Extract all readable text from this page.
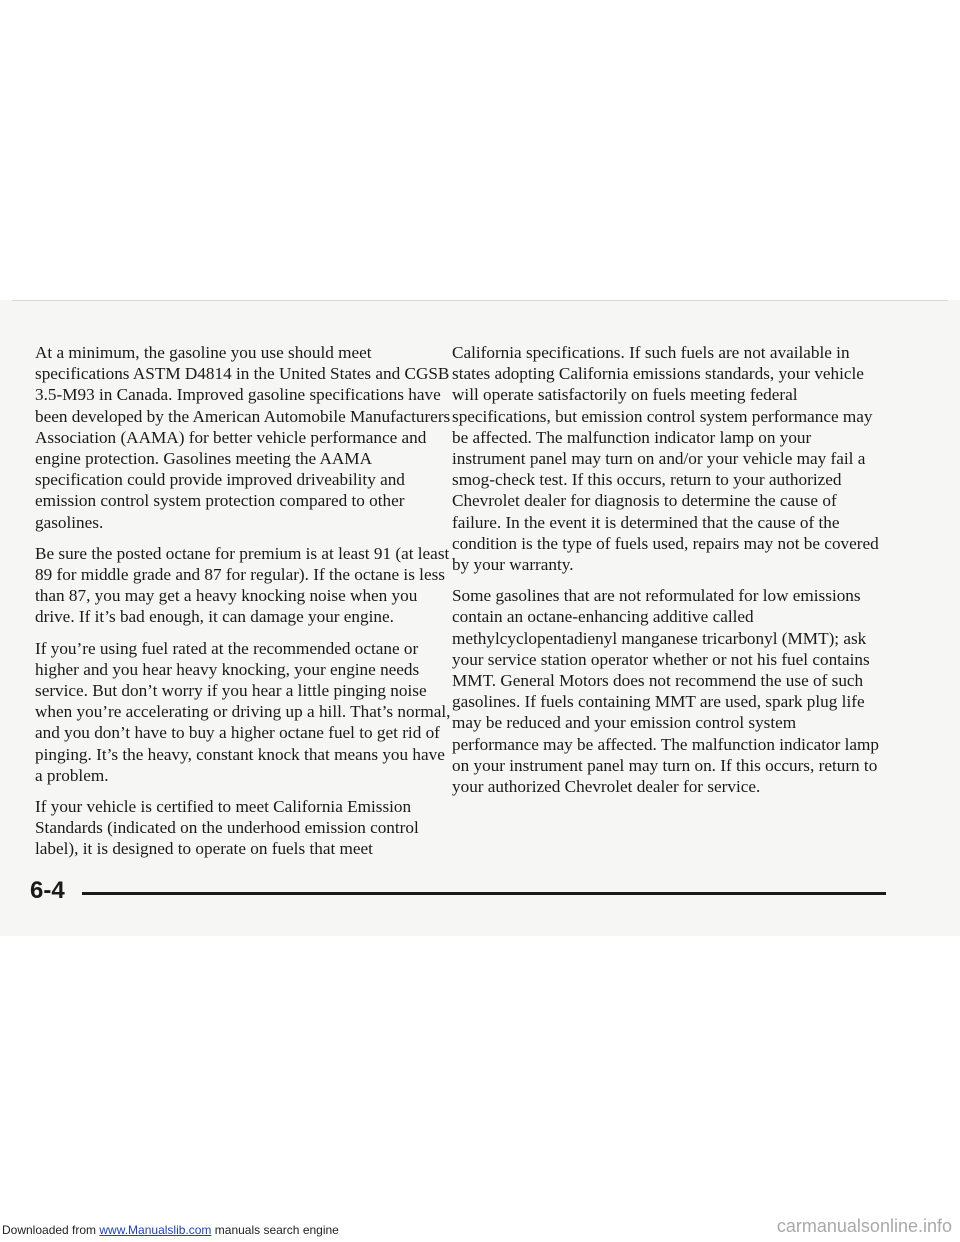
At a minimum, the gasoline you use should meet specifications ASTM D4814 in the United States and CGSB 3.5-M93 in Canada. Improved gasoline specifications have been developed by the American Automobile Manufacturers Association (AAMA) for better vehicle performance and engine protection. Gasolines meeting the AAMA specification could provide improved driveability and emission control system protection compared to other gasolines.

Be sure the posted octane for premium is at least 91 (at least 89 for middle grade and 87 for regular). If the octane is less than 87, you may get a heavy knocking noise when you drive. If it’s bad enough, it can damage your engine.

If you’re using fuel rated at the recommended octane or higher and you hear heavy knocking, your engine needs service. But don’t worry if you hear a little pinging noise when you’re accelerating or driving up a hill. That’s normal, and you don’t have to buy a higher octane fuel to get rid of pinging. It’s the heavy, constant knock that means you have a problem.

If your vehicle is certified to meet California Emission Standards (indicated on the underhood emission control label), it is designed to operate on fuels that meet

California specifications. If such fuels are not available in states adopting California emissions standards, your vehicle will operate satisfactorily on fuels meeting federal specifications, but emission control system performance may be affected. The malfunction indicator lamp on your instrument panel may turn on and/or your vehicle may fail a smog-check test. If this occurs, return to your authorized Chevrolet dealer for diagnosis to determine the cause of failure. In the event it is determined that the cause of the condition is the type of fuels used, repairs may not be covered by your warranty.

Some gasolines that are not reformulated for low emissions contain an octane-enhancing additive called methylcyclopentadienyl manganese tricarbonyl (MMT); ask your service station operator whether or not his fuel contains MMT. General Motors does not recommend the use of such gasolines. If fuels containing MMT are used, spark plug life may be reduced and your emission control system performance may be affected. The malfunction indicator lamp on your instrument panel may turn on. If this occurs, return to your authorized Chevrolet dealer for service.

6-4
Downloaded from www.Manualslib.com manuals search engine	carmanualsonline.info
